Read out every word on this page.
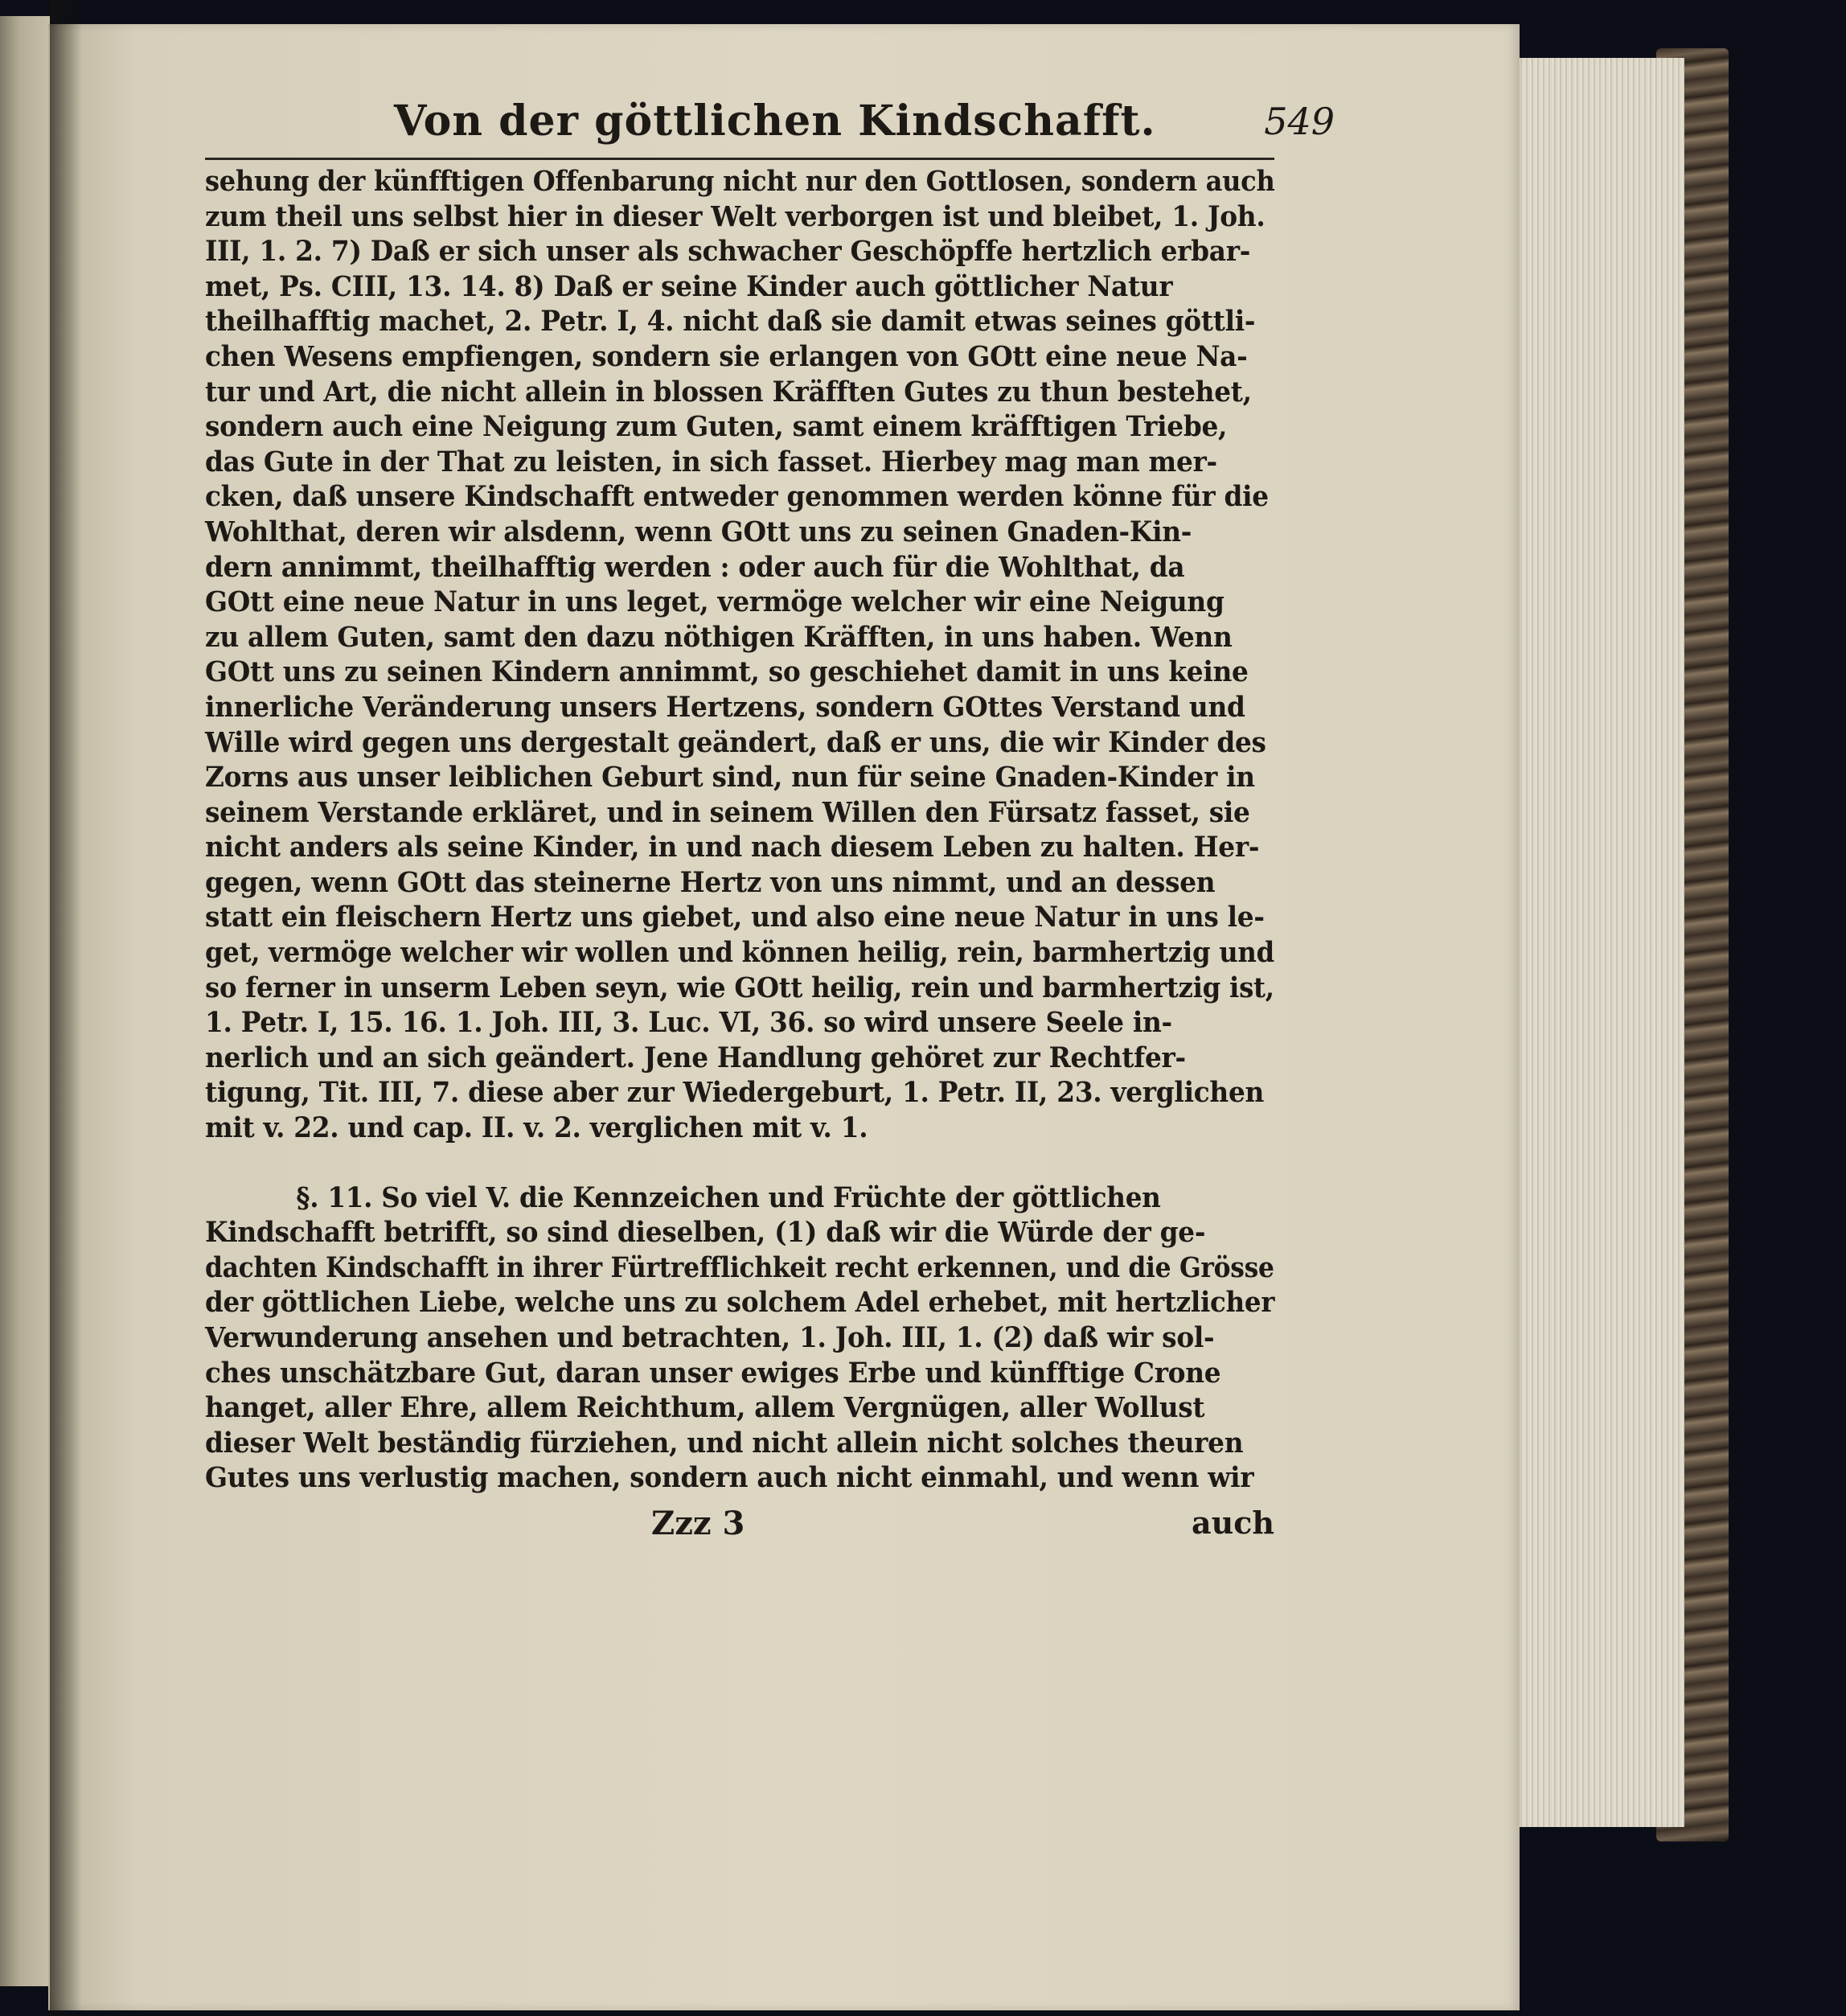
Von der göttlichen Kindschafft.	549
sehung der künfftigen Offenbarung nicht nur den Gottlosen, sondern auch
zum theil uns selbst hier in dieser Welt verborgen ist und bleibet, 1. Joh.
III, 1. 2. 7) Daß er sich unser als schwacher Geschöpffe hertzlich erbar-
met, Ps. CIII, 13. 14. 8) Daß er seine Kinder auch göttlicher Natur
theilhafftig machet, 2. Petr. I, 4. nicht daß sie damit etwas seines göttli-
chen Wesens empfiengen, sondern sie erlangen von GOtt eine neue Na-
tur und Art, die nicht allein in blossen Kräfften Gutes zu thun bestehet,
sondern auch eine Neigung zum Guten, samt einem kräfftigen Triebe,
das Gute in der That zu leisten, in sich fasset. Hierbey mag man mer-
cken, daß unsere Kindschafft entweder genommen werden könne für die
Wohlthat, deren wir alsdenn, wenn GOtt uns zu seinen Gnaden-Kin-
dern annimmt, theilhafftig werden : oder auch für die Wohlthat, da
GOtt eine neue Natur in uns leget, vermöge welcher wir eine Neigung
zu allem Guten, samt den dazu nöthigen Kräfften, in uns haben. Wenn
GOtt uns zu seinen Kindern annimmt, so geschiehet damit in uns keine
innerliche Veränderung unsers Hertzens, sondern GOttes Verstand und
Wille wird gegen uns dergestalt geändert, daß er uns, die wir Kinder des
Zorns aus unser leiblichen Geburt sind, nun für seine Gnaden-Kinder in
seinem Verstande erkläret, und in seinem Willen den Fürsatz fasset, sie
nicht anders als seine Kinder, in und nach diesem Leben zu halten. Her-
gegen, wenn GOtt das steinerne Hertz von uns nimmt, und an dessen
statt ein fleischern Hertz uns giebet, und also eine neue Natur in uns le-
get, vermöge welcher wir wollen und können heilig, rein, barmhertzig und
so ferner in unserm Leben seyn, wie GOtt heilig, rein und barmhertzig ist,
1. Petr. I, 15. 16. 1. Joh. III, 3. Luc. VI, 36. so wird unsere Seele in-
nerlich und an sich geändert. Jene Handlung gehöret zur Rechtfer-
tigung, Tit. III, 7. diese aber zur Wiedergeburt, 1. Petr. II, 23. verglichen
mit v. 22. und cap. II. v. 2. verglichen mit v. 1.
§. 11. So viel V. die Kennzeichen und Früchte der göttlichen
Kindschafft betrifft, so sind dieselben, (1) daß wir die Würde der ge-
dachten Kindschafft in ihrer Fürtrefflichkeit recht erkennen, und die Grösse
der göttlichen Liebe, welche uns zu solchem Adel erhebet, mit hertzlicher
Verwunderung ansehen und betrachten, 1. Joh. III, 1. (2) daß wir sol-
ches unschätzbare Gut, daran unser ewiges Erbe und künfftige Crone
hanget, aller Ehre, allem Reichthum, allem Vergnügen, aller Wollust
dieser Welt beständig fürziehen, und nicht allein nicht solches theuren
Gutes uns verlustig machen, sondern auch nicht einmahl, und wenn wir
Zzz 3	auch
